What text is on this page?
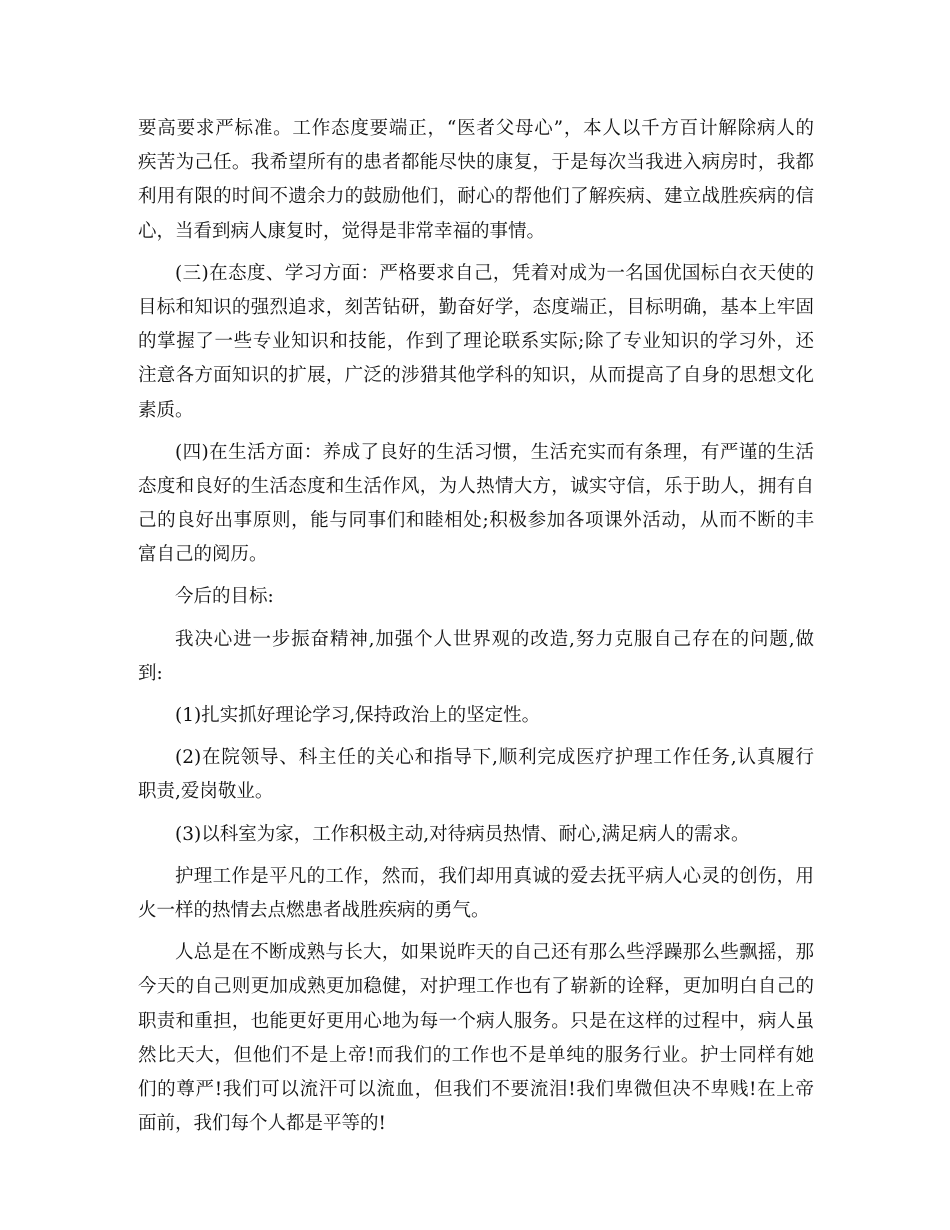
要高要求严标准。工作态度要端正，“医者父母心”，本人以千方百计解除病人的
疾苦为己任。我希望所有的患者都能尽快的康复，于是每次当我进入病房时，我都
利用有限的时间不遗余力的鼓励他们，耐心的帮他们了解疾病、建立战胜疾病的信
心，当看到病人康复时，觉得是非常幸福的事情。
(三)在态度、学习方面：严格要求自己，凭着对成为一名国优国标白衣天使的
目标和知识的强烈追求，刻苦钻研，勤奋好学，态度端正，目标明确，基本上牢固
的掌握了一些专业知识和技能，作到了理论联系实际;除了专业知识的学习外，还
注意各方面知识的扩展，广泛的涉猎其他学科的知识，从而提高了自身的思想文化
素质。
(四)在生活方面：养成了良好的生活习惯，生活充实而有条理，有严谨的生活
态度和良好的生活态度和生活作风，为人热情大方，诚实守信，乐于助人，拥有自
己的良好出事原则，能与同事们和睦相处;积极参加各项课外活动，从而不断的丰
富自己的阅历。
今后的目标:
我决心进一步振奋精神,加强个人世界观的改造,努力克服自己存在的问题,做
到:
(1)扎实抓好理论学习,保持政治上的坚定性。
(2)在院领导、科主任的关心和指导下,顺利完成医疗护理工作任务,认真履行
职责,爱岗敬业。
(3)以科室为家，工作积极主动,对待病员热情、耐心,满足病人的需求。
护理工作是平凡的工作，然而，我们却用真诚的爱去抚平病人心灵的创伤，用
火一样的热情去点燃患者战胜疾病的勇气。
人总是在不断成熟与长大，如果说昨天的自己还有那么些浮躁那么些飘摇，那
今天的自己则更加成熟更加稳健，对护理工作也有了崭新的诠释，更加明白自己的
职责和重担，也能更好更用心地为每一个病人服务。只是在这样的过程中，病人虽
然比天大，但他们不是上帝!而我们的工作也不是单纯的服务行业。护士同样有她
们的尊严!我们可以流汗可以流血，但我们不要流泪!我们卑微但决不卑贱!在上帝
面前，我们每个人都是平等的!
